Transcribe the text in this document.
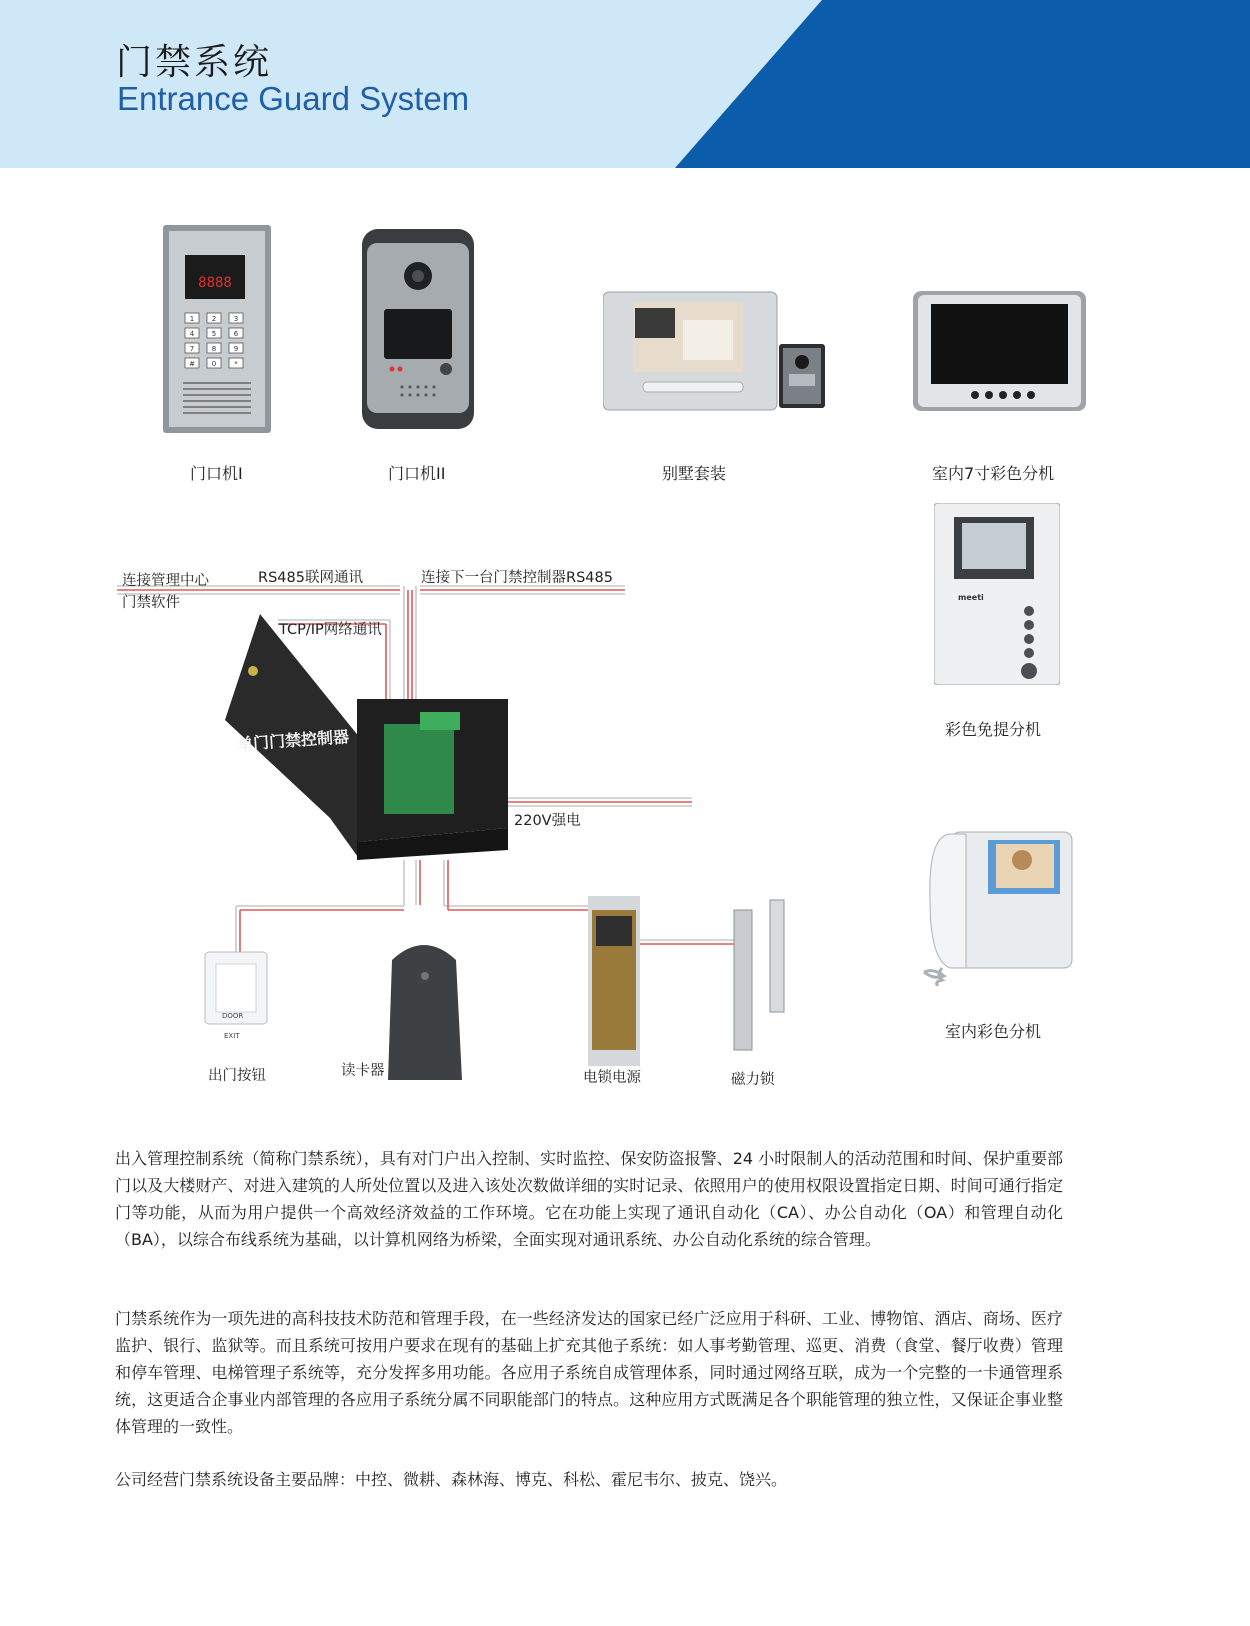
门禁系统
Entrance Guard System
8888
1	2	3
4	5	6
7	8	9
# 0	*
门口机I	门口机II	别墅套装	室内7寸彩色分机
meeti
彩色免提分机
室内彩色分机
连接管理中心
门禁软件
RS485联网通讯	连接下一台门禁控制器RS485
TCP/IP网络通讯
单门门禁控制器
220V强电
DOOR
EXIT
出门按钮	读卡器	电锁电源	磁力锁
出入管理控制系统（简称门禁系统），具有对门户出入控制、实时监控、保安防盗报警、24 小时限制人的活动范围和时间、保护重要部门以及大楼财产、对进入建筑的人所处位置以及进入该处次数做详细的实时记录、依照用户的使用权限设置指定日期、时间可通行指定门等功能，从而为用户提供一个高效经济效益的工作环境。它在功能上实现了通讯自动化（CA）、办公自动化（OA）和管理自动化（BA），以综合布线系统为基础，以计算机网络为桥梁，全面实现对通讯系统、办公自动化系统的综合管理。
门禁系统作为一项先进的高科技技术防范和管理手段，在一些经济发达的国家已经广泛应用于科研、工业、博物馆、酒店、商场、医疗监护、银行、监狱等。而且系统可按用户要求在现有的基础上扩充其他子系统：如人事考勤管理、巡更、消费（食堂、餐厅收费）管理和停车管理、电梯管理子系统等，充分发挥多用功能。各应用子系统自成管理体系，同时通过网络互联，成为一个完整的一卡通管理系统，这更适合企事业内部管理的各应用子系统分属不同职能部门的特点。这种应用方式既满足各个职能管理的独立性，又保证企事业整体管理的一致性。
公司经营门禁系统设备主要品牌：中控、微耕、森林海、博克、科松、霍尼韦尔、披克、饶兴。
